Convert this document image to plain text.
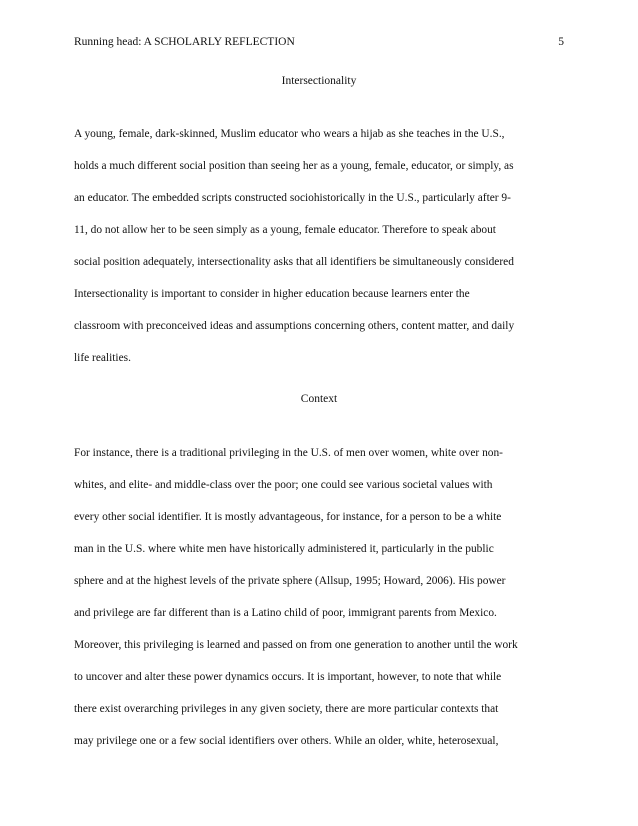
Running head: A SCHOLARLY REFLECTION	5
Intersectionality
A young, female, dark-skinned, Muslim educator who wears a hijab as she teaches in the U.S.,
holds a much different social position than seeing her as a young, female, educator, or simply, as
an educator. The embedded scripts constructed sociohistorically in the U.S., particularly after 9-
11, do not allow her to be seen simply as a young, female educator. Therefore to speak about
social position adequately, intersectionality asks that all identifiers be simultaneously considered
Intersectionality is important to consider in higher education because learners enter the
classroom with preconceived ideas and assumptions concerning others, content matter, and daily
life realities.
Context
For instance, there is a traditional privileging in the U.S. of men over women, white over non-
whites, and elite- and middle-class over the poor; one could see various societal values with
every other social identifier. It is mostly advantageous, for instance, for a person to be a white
man in the U.S. where white men have historically administered it, particularly in the public
sphere and at the highest levels of the private sphere (Allsup, 1995; Howard, 2006). His power
and privilege are far different than is a Latino child of poor, immigrant parents from Mexico.
Moreover, this privileging is learned and passed on from one generation to another until the work
to uncover and alter these power dynamics occurs. It is important, however, to note that while
there exist overarching privileges in any given society, there are more particular contexts that
may privilege one or a few social identifiers over others. While an older, white, heterosexual,
